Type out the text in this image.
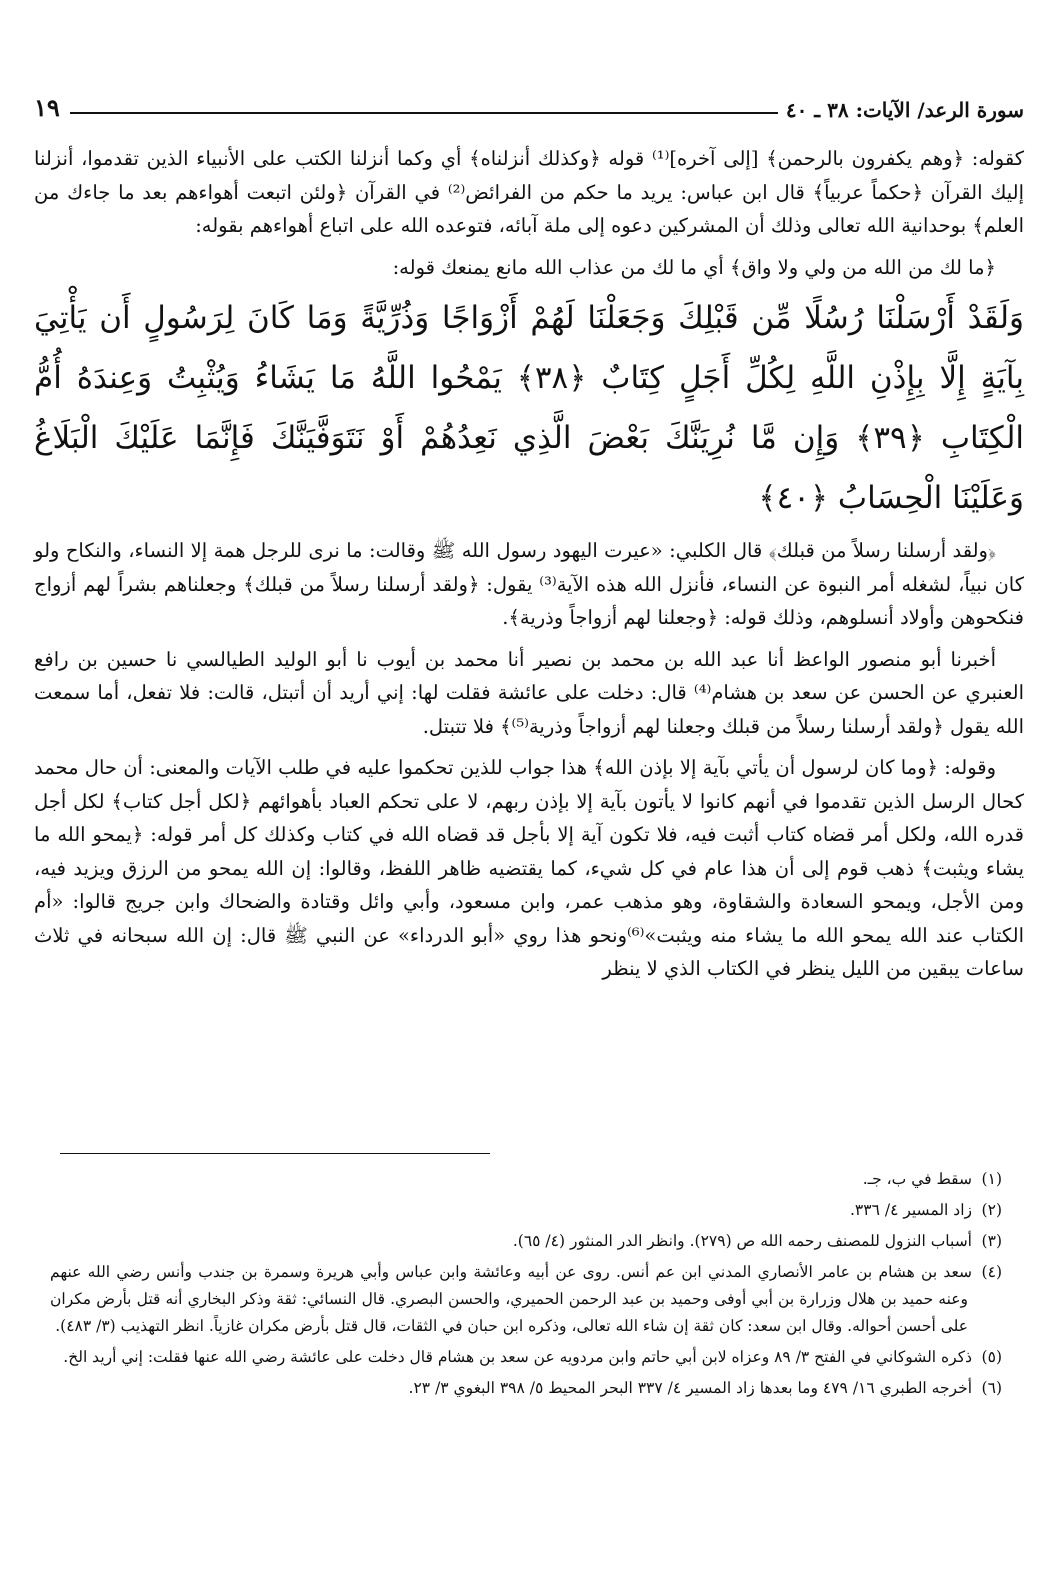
سورة الرعد/ الآيات: ٣٨ ـ ٤٠
١٩

كقوله: ﴿وهم يكفرون بالرحمن﴾ [إلى آخره]⁽¹⁾ قوله ﴿وكذلك أنزلناه﴾ أي وكما أنزلنا الكتب على الأنبياء الذين تقدموا، أنزلنا إليك القرآن ﴿حكماً عربياً﴾ قال ابن عباس: يريد ما حكم من الفرائض⁽²⁾ في القرآن ﴿ولئن اتبعت أهواءهم بعد ما جاءك من العلم﴾ بوحدانية الله تعالى وذلك أن المشركين دعوه إلى ملة آبائه، فتوعده الله على اتباع أهواءهم بقوله:

﴿ما لك من الله من ولي ولا واق﴾ أي ما لك من عذاب الله مانع يمنعك قوله:

وَلَقَدْ أَرْسَلْنَا رُسُلًا مِّن قَبْلِكَ وَجَعَلْنَا لَهُمْ أَزْوَاجًا وَذُرِّيَّةً وَمَا كَانَ لِرَسُولٍ أَن يَأْتِيَ بِآيَةٍ إِلَّا بِإِذْنِ اللَّهِ لِكُلِّ أَجَلٍ كِتَابٌ ﴿٣٨﴾ يَمْحُوا اللَّهُ مَا يَشَاءُ وَيُثْبِتُ وَعِندَهُ أُمُّ الْكِتَابِ ﴿٣٩﴾ وَإِن مَّا نُرِيَنَّكَ بَعْضَ الَّذِي نَعِدُهُمْ أَوْ نَتَوَفَّيَنَّكَ فَإِنَّمَا عَلَيْكَ الْبَلَاغُ وَعَلَيْنَا الْحِسَابُ ﴿٤٠﴾

﴿ولقد أرسلنا رسلاً من قبلك﴾ قال الكلبي: «عيرت اليهود رسول الله ﷺ وقالت: ما نرى للرجل همة إلا النساء، والنكاح ولو كان نبياً، لشغله أمر النبوة عن النساء، فأنزل الله هذه الآية⁽³⁾ يقول: ﴿ولقد أرسلنا رسلاً من قبلك﴾ وجعلناهم بشراً لهم أزواج فنكحوهن وأولاد أنسلوهم، وذلك قوله: ﴿وجعلنا لهم أزواجاً وذرية﴾.

أخبرنا أبو منصور الواعظ أنا عبد الله بن محمد بن نصير أنا محمد بن أيوب نا أبو الوليد الطيالسي نا حسين بن رافع العنبري عن الحسن عن سعد بن هشام⁽⁴⁾ قال: دخلت على عائشة فقلت لها: إني أريد أن أتبتل، قالت: فلا تفعل، أما سمعت الله يقول ﴿ولقد أرسلنا رسلاً من قبلك وجعلنا لهم أزواجاً وذرية⁽⁵⁾﴾ فلا تتبتل.

وقوله: ﴿وما كان لرسول أن يأتي بآية إلا بإذن الله﴾ هذا جواب للذين تحكموا عليه في طلب الآيات والمعنى: أن حال محمد كحال الرسل الذين تقدموا في أنهم كانوا لا يأتون بآية إلا بإذن ربهم، لا على تحكم العباد بأهوائهم ﴿لكل أجل كتاب﴾ لكل أجل قدره الله، ولكل أمر قضاه كتاب أثبت فيه، فلا تكون آية إلا بأجل قد قضاه الله في كتاب وكذلك كل أمر قوله: ﴿يمحو الله ما يشاء ويثبت﴾ ذهب قوم إلى أن هذا عام في كل شيء، كما يقتضيه ظاهر اللفظ، وقالوا: إن الله يمحو من الرزق ويزيد فيه، ومن الأجل، ويمحو السعادة والشقاوة، وهو مذهب عمر، وابن مسعود، وأبي وائل وقتادة والضحاك وابن جريج قالوا: «أم الكتاب عند الله يمحو الله ما يشاء منه ويثبت»⁽⁶⁾ونحو هذا روي «أبو الدرداء» عن النبي ﷺ قال: إن الله سبحانه في ثلاث ساعات يبقين من الليل ينظر في الكتاب الذي لا ينظر

(١)سقط في ب، جـ.

(٢)زاد المسير ٤/ ٣٣٦.

(٣)أسباب النزول للمصنف رحمه الله ص (٢٧٩). وانظر الدر المنثور (٤/ ٦٥).

(٤)سعد بن هشام بن عامر الأنصاري المدني ابن عم أنس. روى عن أبيه وعائشة وابن عباس وأبي هريرة وسمرة بن جندب وأنس رضي الله عنهم وعنه حميد بن هلال وزرارة بن أبي أوفى وحميد بن عبد الرحمن الحميري، والحسن البصري. قال النسائي: ثقة وذكر البخاري أنه قتل بأرض مكران على أحسن أحواله. وقال ابن سعد: كان ثقة إن شاء الله تعالى، وذكره ابن حبان في الثقات، قال قتل بأرض مكران غازياً. انظر التهذيب (٣/ ٤٨٣).

(٥)ذكره الشوكاني في الفتح ٣/ ٨٩ وعزاه لابن أبي حاتم وابن مردويه عن سعد بن هشام قال دخلت على عائشة رضي الله عنها فقلت: إني أريد الخ.

(٦)أخرجه الطبري ١٦/ ٤٧٩ وما بعدها زاد المسير ٤/ ٣٣٧ البحر المحيط ٥/ ٣٩٨ البغوي ٣/ ٢٣.
